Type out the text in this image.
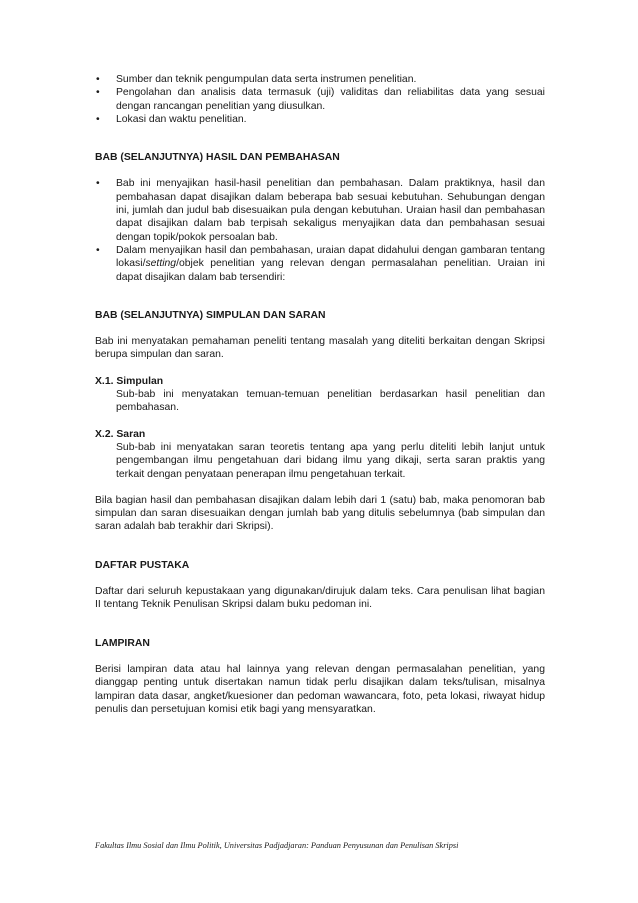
• Sumber dan teknik pengumpulan data serta instrumen penelitian.
• Pengolahan dan analisis data termasuk (uji) validitas dan reliabilitas data yang sesuai dengan rancangan penelitian yang diusulkan.
• Lokasi dan waktu penelitian.
BAB (SELANJUTNYA) HASIL DAN PEMBAHASAN
• Bab ini menyajikan hasil-hasil penelitian dan pembahasan. Dalam praktiknya, hasil dan pembahasan dapat disajikan dalam beberapa bab sesuai kebutuhan. Sehubungan dengan ini, jumlah dan judul bab disesuaikan pula dengan kebutuhan. Uraian hasil dan pembahasan dapat disajikan dalam bab terpisah sekaligus menyajikan data dan pembahasan sesuai dengan topik/pokok persoalan bab.
• Dalam menyajikan hasil dan pembahasan, uraian dapat didahului dengan gambaran tentang lokasi/setting/objek penelitian yang relevan dengan permasalahan penelitian. Uraian ini dapat disajikan dalam bab tersendiri:
BAB (SELANJUTNYA) SIMPULAN DAN SARAN

Bab ini menyatakan pemahaman peneliti tentang masalah yang diteliti berkaitan dengan Skripsi berupa simpulan dan saran.

X.1. Simpulan

Sub-bab ini menyatakan temuan-temuan penelitian berdasarkan hasil penelitian dan pembahasan.

X.2. Saran

Sub-bab ini menyatakan saran teoretis tentang apa yang perlu diteliti lebih lanjut untuk pengembangan ilmu pengetahuan dari bidang ilmu yang dikaji, serta saran praktis yang terkait dengan penyataan penerapan ilmu pengetahuan terkait.

Bila bagian hasil dan pembahasan disajikan dalam lebih dari 1 (satu) bab, maka penomoran bab simpulan dan saran disesuaikan dengan jumlah bab yang ditulis sebelumnya (bab simpulan dan saran adalah bab terakhir dari Skripsi).

DAFTAR PUSTAKA

Daftar dari seluruh kepustakaan yang digunakan/dirujuk dalam teks. Cara penulisan lihat bagian II tentang Teknik Penulisan Skripsi dalam buku pedoman ini.

LAMPIRAN

Berisi lampiran data atau hal lainnya yang relevan dengan permasalahan penelitian, yang dianggap penting untuk disertakan namun tidak perlu disajikan dalam teks/tulisan, misalnya lampiran data dasar, angket/kuesioner dan pedoman wawancara, foto, peta lokasi, riwayat hidup penulis dan persetujuan komisi etik bagi yang mensyaratkan.

Fakultas Ilmu Sosial dan Ilmu Politik, Universitas Padjadjaran: Panduan Penyusunan dan Penulisan Skripsi
